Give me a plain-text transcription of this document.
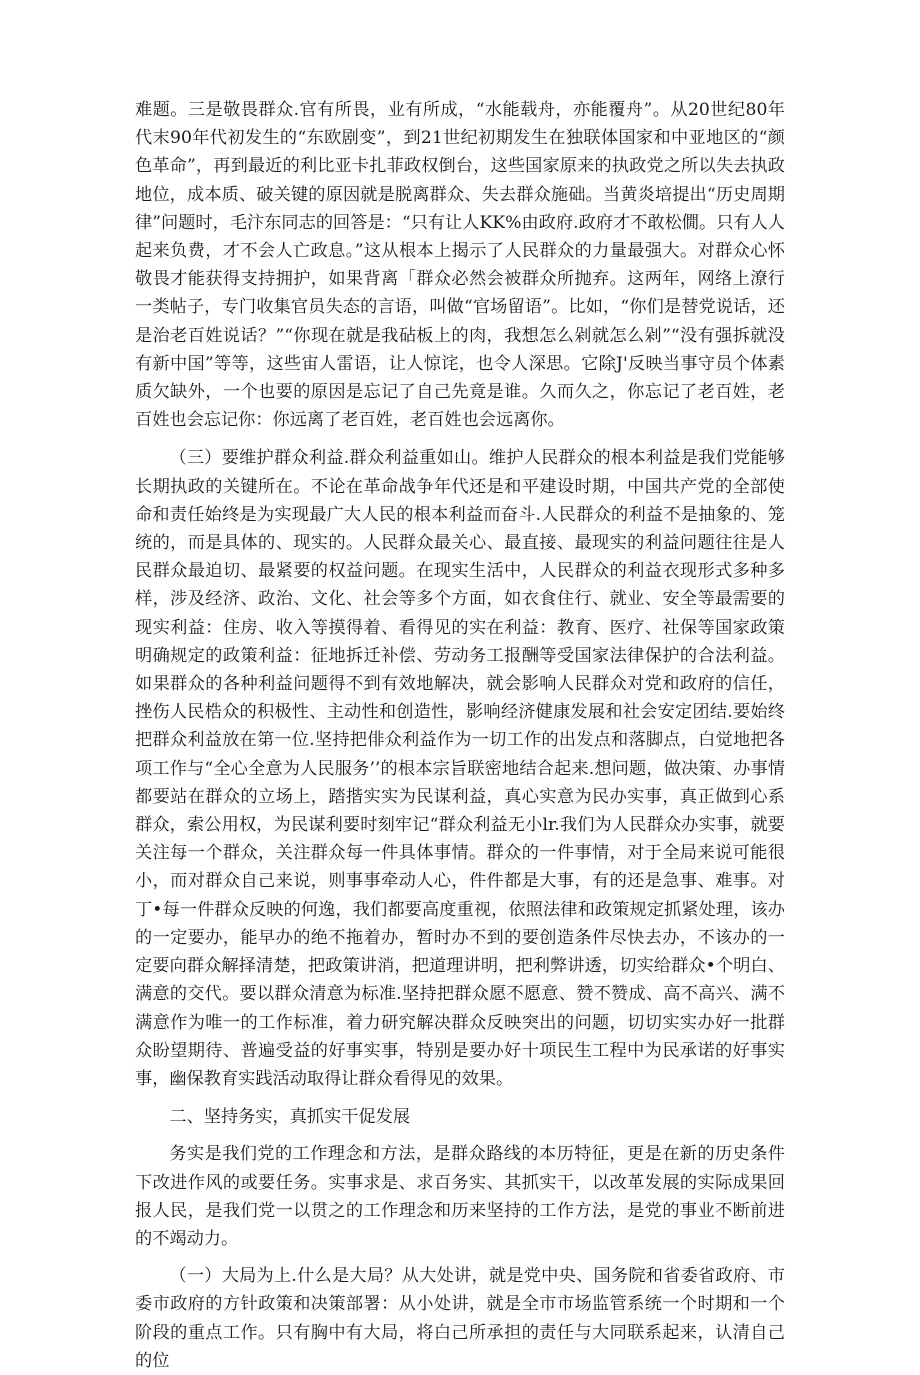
难题。三是敬畏群众.官有所畏，业有所成，“水能载舟，亦能覆舟”。从20世纪80年代末90年代初发生的“东欧剧变”，到21世纪初期发生在独联体国家和中亚地区的“颜色革命”，再到最近的利比亚卡扎菲政权倒台，这些国家原来的执政党之所以失去执政地位，成本质、破关键的原因就是脱离群众、失去群众施础。当黄炎培提出“历史周期律”问题时，毛汴东同志的回答是：“只有让人KK%由政府.政府才不敢松僩。只有人人起来负费，才不会人亡政息。”这从根本上揭示了人民群众的力量最强大。对群众心怀敬畏才能获得支持拥护，如果背离「群众必然会被群众所抛弃。这两年，网络上潦行一类帖子，专门收集官员失态的言语，叫做“官场留语”。比如，“你们是替党说话，还是治老百姓说话？”“你现在就是我砧板上的肉，我想怎么剁就怎么剁”“没有强拆就没有新中国”等等，这些宙人雷语，让人惊诧，也令人深思。它除J'反映当事守员个体素质欠缺外，一个也要的原因是忘记了自己先竟是谁。久而久之，你忘记了老百姓，老百姓也会忘记你：你远离了老百姓，老百姓也会远离你。

（三）要维护群众利益.群众利益重如山。维护人民群众的根本利益是我们党能够长期执政的关键所在。不论在革命战争年代还是和平建设时期，中国共产党的全部使命和责任始终是为实现最广大人民的根本利益而奋斗.人民群众的利益不是抽象的、笼统的，而是具体的、现实的。人民群众最关心、最直接、最现实的利益问题往往是人民群众最迫切、最紧要的权益问题。在现实生活中，人民群众的利益衣现形式多种多样，涉及经济、政治、文化、社会等多个方面，如衣食住行、就业、安全等最需要的现实利益：住房、收入等摸得着、看得见的实在利益：教育、医疗、社保等国家政策明确规定的政策利益：征地拆迁补偿、劳动务工报酬等受国家法律保护的合法利益。如果群众的各种利益问题得不到有效地解决，就会影响人民群众对党和政府的信任，挫伤人民梏众的积极性、主动性和创造性，影响经济健康发展和社会安定团结.要始终把群众利益放在第一位.坚持把俳众利益作为一切工作的出发点和落脚点，白觉地把各项工作与“全心全意为人民服务’’的根本宗旨联密地结合起来.想问题，做决策、办事情都要站在群众的立场上，踏揩实实为民谋利益，真心实意为民办实事，真正做到心系群众，索公用权，为民谋利要时刻牢记“群众利益无小lr.我们为人民群众办实事，就要关注每一个群众，关注群众每一件具体事情。群众的一件事情，对于全局来说可能很小，而对群众自己来说，则事事牵动人心，件件都是大事，有的还是急事、难事。对丁•每一件群众反映的何逸，我们都要高度重视，依照法律和政策规定抓紧处理，该办的一定要办，能早办的绝不拖着办，暂时办不到的要创造条件尽快去办，不该办的一定要向群众解择清楚，把政策讲消，把道理讲明，把利弊讲透，切实给群众•个明白、满意的交代。要以群众清意为标准.坚持把群众愿不愿意、赞不赞成、高不高兴、满不满意作为唯一的工作标准，着力研究解决群众反映突出的问题，切切实实办好一批群众盼望期待、普遍受益的好事实事，特别是要办好十项民生工程中为民承诺的好事实事，幽保教育实践活动取得让群众看得见的效果。

二、坚持务实，真抓实干促发展

务实是我们党的工作理念和方法，是群众路线的本历特征，更是在新的历史条件下改进作风的或要任务。实事求是、求百务实、其抓实干，以改革发展的实际成果回报人民，是我们党一以贯之的工作理念和历来坚持的工作方法，是党的事业不断前进的不竭动力。

（一）大局为上.什么是大局？从大处讲，就是党中央、国务院和省委省政府、市委市政府的方针政策和决策部署：从小处讲，就是全市市场监管系统一个时期和一个阶段的重点工作。只有胸中有大局，将白己所承担的责任与大同联系起来，认清自己的位
